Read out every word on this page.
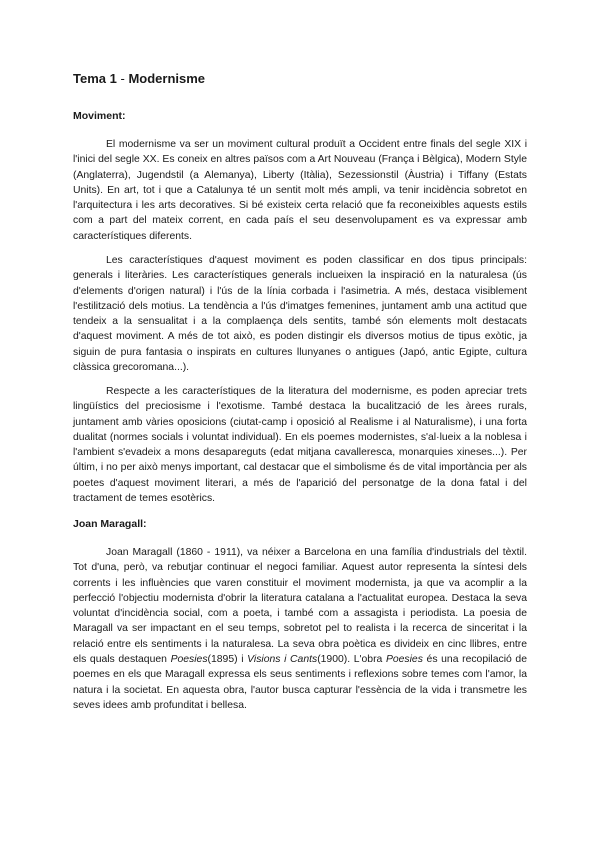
Tema 1 - Modernisme
Moviment:

El modernisme va ser un moviment cultural produït a Occident entre finals del segle XIX i l'inici del segle XX. Es coneix en altres països com a Art Nouveau (França i Bèlgica), Modern Style (Anglaterra), Jugendstil (a Alemanya), Liberty (Itàlia), Sezessionstil (Àustria) i Tiffany (Estats Units). En art, tot i que a Catalunya té un sentit molt més ampli, va tenir incidència sobretot en l'arquitectura i les arts decoratives. Si bé existeix certa relació que fa reconeixibles aquests estils com a part del mateix corrent, en cada país el seu desenvolupament es va expressar amb característiques diferents.

Les característiques d'aquest moviment es poden classificar en dos tipus principals: generals i literàries. Les característiques generals inclueixen la inspiració en la naturalesa (ús d'elements d'origen natural) i l'ús de la línia corbada i l'asimetria. A més, destaca visiblement l'estilització dels motius. La tendència a l'ús d'imatges femenines, juntament amb una actitud que tendeix a la sensualitat i a la complaença dels sentits, també són elements molt destacats d'aquest moviment. A més de tot això, es poden distingir els diversos motius de tipus exòtic, ja siguin de pura fantasia o inspirats en cultures llunyanes o antigues (Japó, antic Egipte, cultura clàssica grecoromana...).

Respecte a les característiques de la literatura del modernisme, es poden apreciar trets lingüístics del preciosisme i l'exotisme. També destaca la bucalització de les àrees rurals, juntament amb vàries oposicions (ciutat-camp i oposició al Realisme i al Naturalisme), i una forta dualitat (normes socials i voluntat individual). En els poemes modernistes, s'al·lueix a la noblesa i l'ambient s'evadeix a mons desapareguts (edat mitjana cavalleresca, monarquies xineses...). Per últim, i no per això menys important, cal destacar que el simbolisme és de vital importància per als poetes d'aquest moviment literari, a més de l'aparició del personatge de la dona fatal i del tractament de temes esotèrics.

Joan Maragall:

Joan Maragall (1860 - 1911), va néixer a Barcelona en una família d'industrials del tèxtil. Tot d'una, però, va rebutjar continuar el negoci familiar. Aquest autor representa la síntesi dels corrents i les influències que varen constituir el moviment modernista, ja que va acomplir a la perfecció l'objectiu modernista d'obrir la literatura catalana a l'actualitat europea. Destaca la seva voluntat d'incidència social, com a poeta, i també com a assagista i periodista. La poesia de Maragall va ser impactant en el seu temps, sobretot pel to realista i la recerca de sinceritat i la relació entre els sentiments i la naturalesa. La seva obra poètica es divideix en cinc llibres, entre els quals destaquen Poesies(1895) i Visions i Cants(1900). L'obra Poesies és una recopilació de poemes en els que Maragall expressa els seus sentiments i reflexions sobre temes com l'amor, la natura i la societat. En aquesta obra, l'autor busca capturar l'essència de la vida i transmetre les seves idees amb profunditat i bellesa.
